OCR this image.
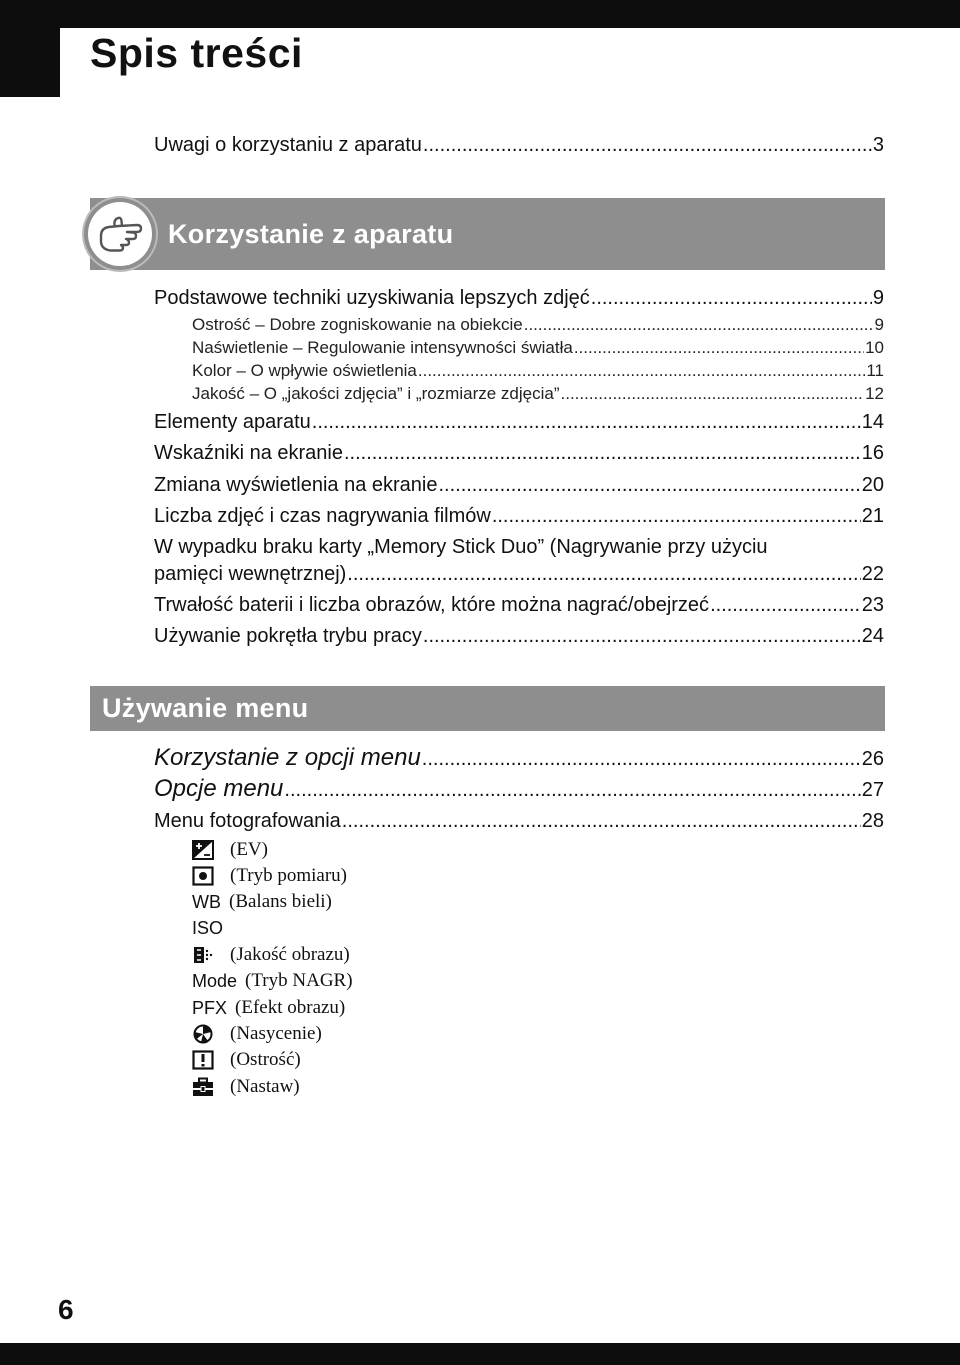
Spis treści
Uwagi o korzystaniu z aparatu .....	3
Korzystanie z aparatu
Podstawowe techniki uzyskiwania lepszych zdjęć .....	9
Ostrość – Dobre zogniskowanie na obiekcie .....	9
Naświetlenie – Regulowanie intensywności światła .....	10
Kolor – O wpływie oświetlenia .....	11
Jakość – O „jakości zdjęcia” i „rozmiarze zdjęcia” .....	12
Elementy aparatu .....	14
Wskaźniki na ekranie .....	16
Zmiana wyświetlenia na ekranie .....	20
Liczba zdjęć i czas nagrywania filmów .....	21
W wypadku braku karty „Memory Stick Duo” (Nagrywanie przy użyciu
pamięci wewnętrznej) .....	22
Trwałość baterii i liczba obrazów, które można nagrać/obejrzeć .....	23
Używanie pokrętła trybu pracy .....	24
Używanie menu
Korzystanie z opcji menu .....	26
Opcje menu .....	27
Menu fotografowania .....	28
(EV)
(Tryb pomiaru)
WB (Balans bieli)
ISO
(Jakość obrazu)
Mode (Tryb NAGR)
PFX (Efekt obrazu)
(Nasycenie)
(Ostrość)
(Nastaw)
6
